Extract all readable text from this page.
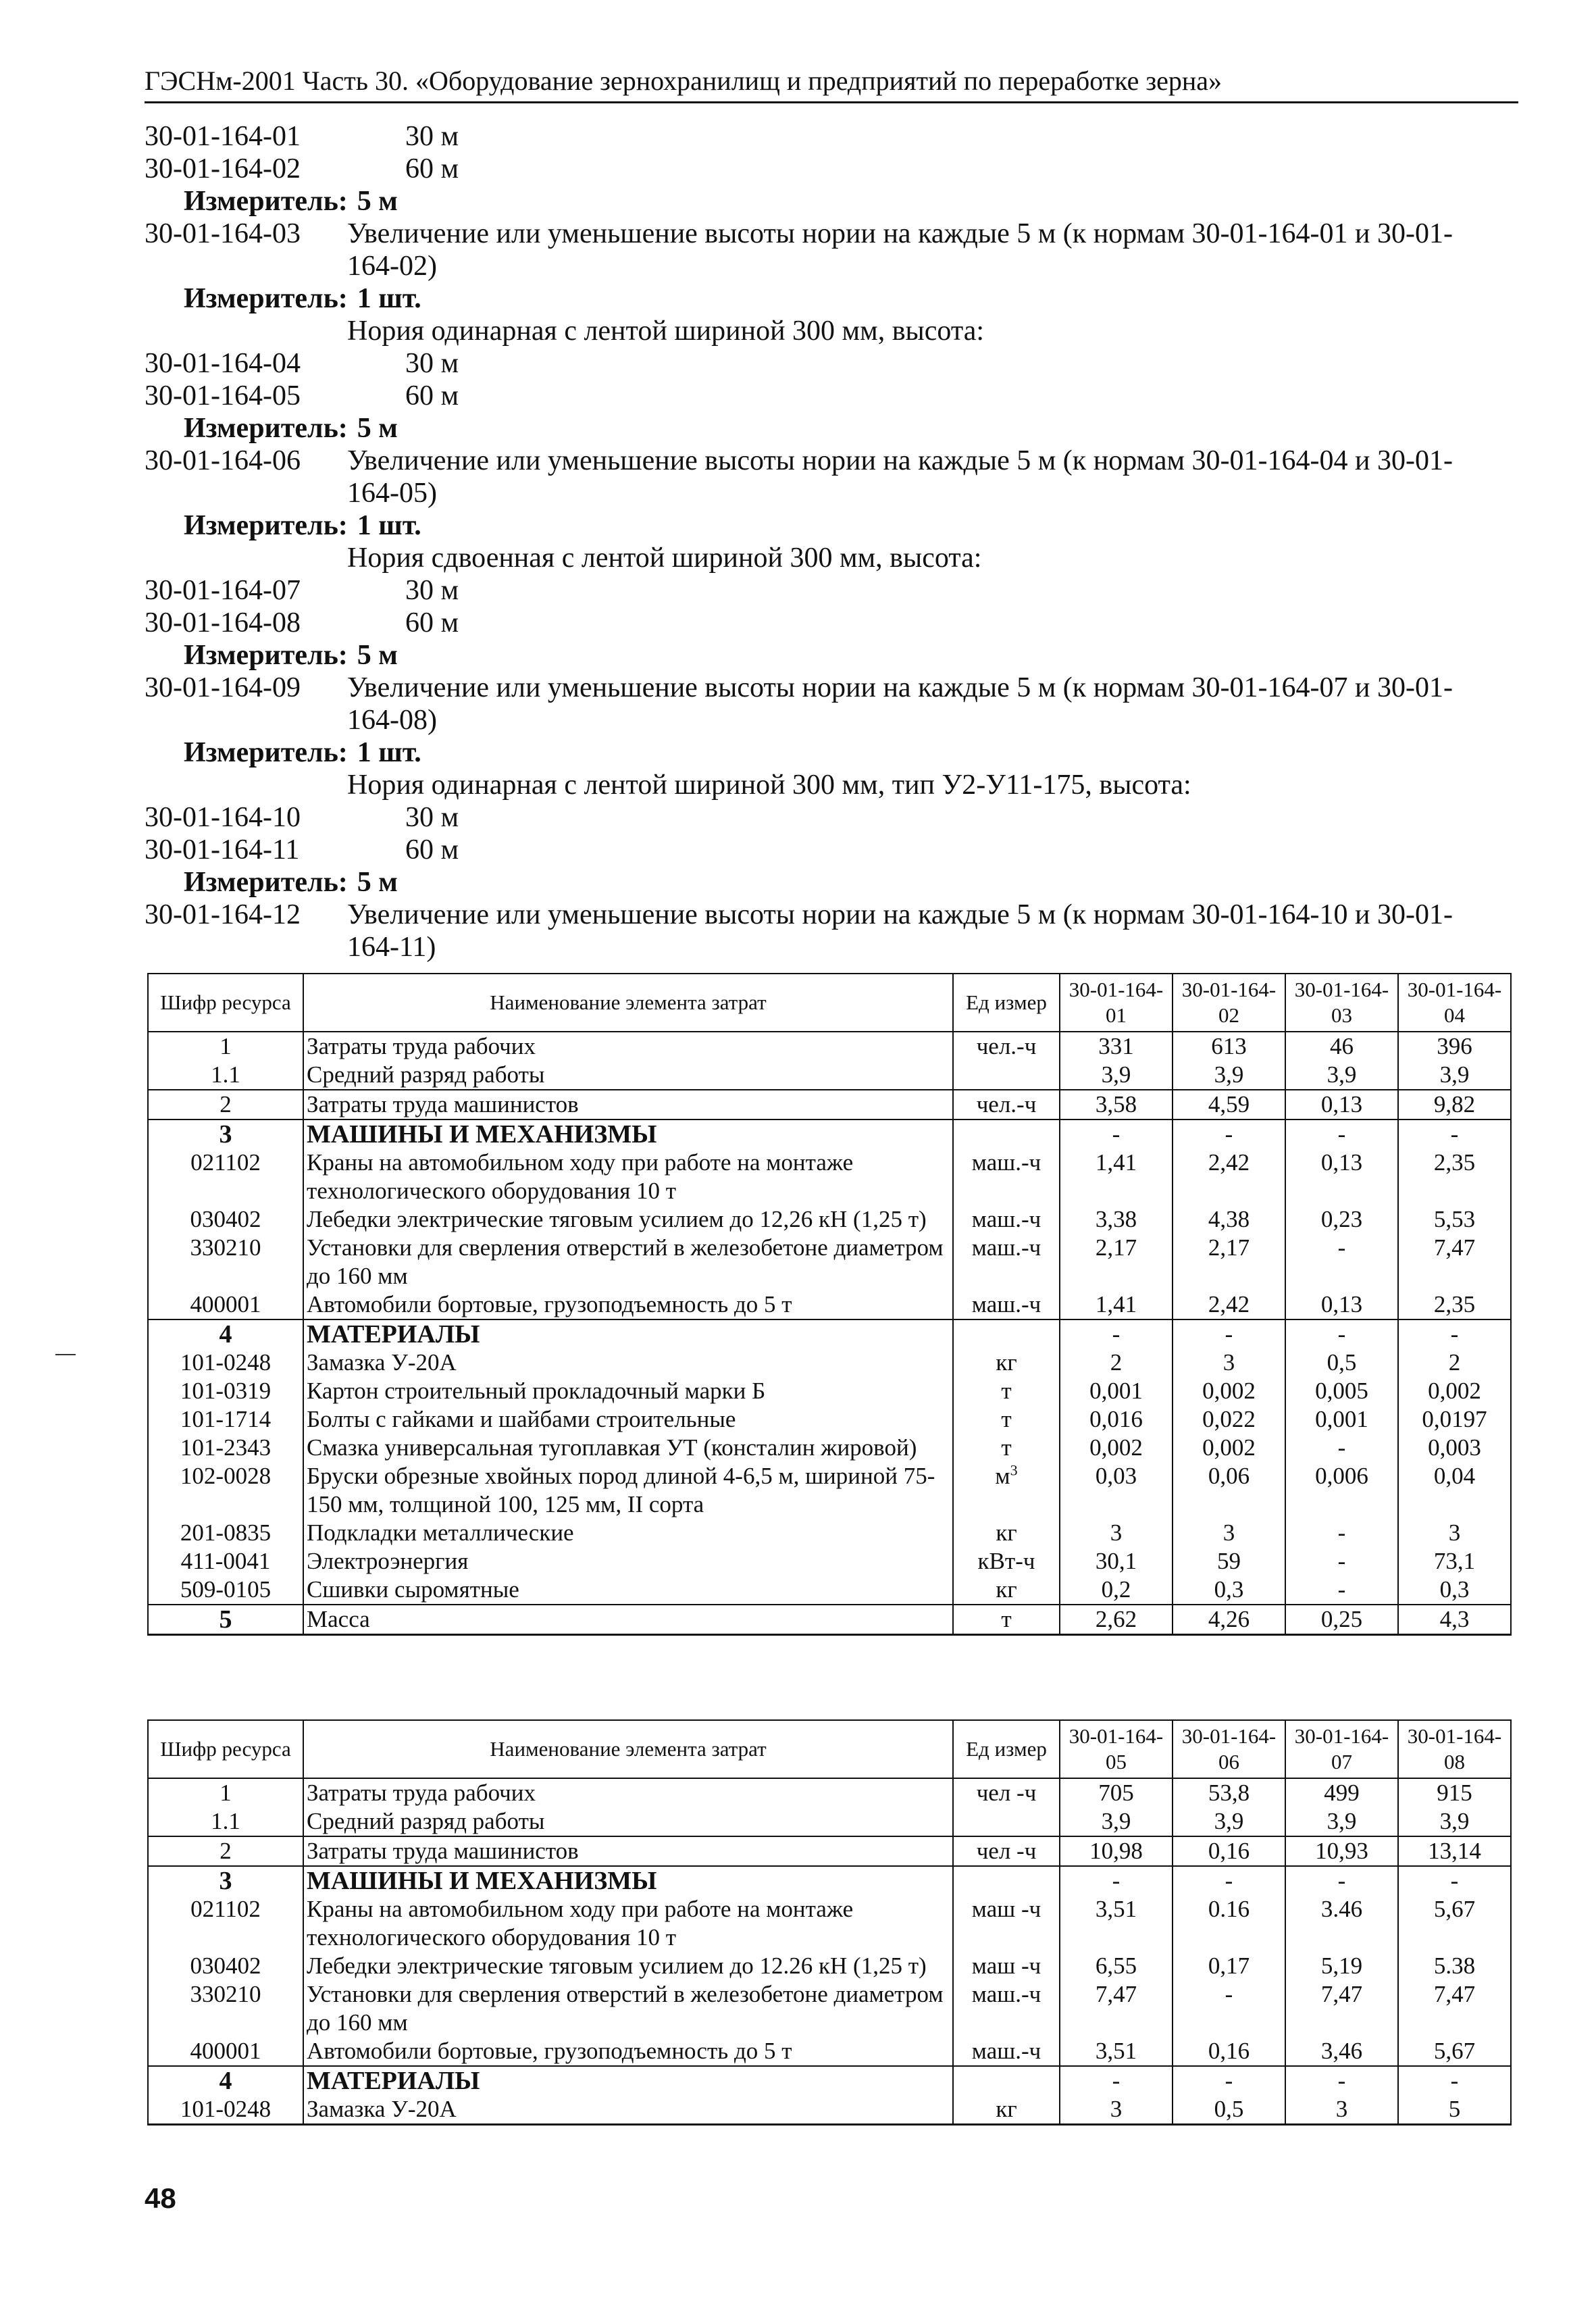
ГЭСНм-2001 Часть 30. «Оборудование зернохранилищ и предприятий по переработке зерна»
30-01-164-01	30 м
30-01-164-02	60 м
Измеритель: 5 м
30-01-164-03	Увеличение или уменьшение высоты нории на каждые 5 м (к нормам 30-01-164-01 и 30-01-
164-02)
Измеритель: 1 шт.
Нория одинарная с лентой шириной 300 мм, высота:
30-01-164-04	30 м
30-01-164-05	60 м
Измеритель: 5 м
30-01-164-06	Увеличение или уменьшение высоты нории на каждые 5 м (к нормам 30-01-164-04 и 30-01-
164-05)
Измеритель: 1 шт.
Нория сдвоенная с лентой шириной 300 мм, высота:
30-01-164-07	30 м
30-01-164-08	60 м
Измеритель: 5 м
30-01-164-09	Увеличение или уменьшение высоты нории на каждые 5 м (к нормам 30-01-164-07 и 30-01-
164-08)
Измеритель: 1 шт.
Нория одинарная с лентой шириной 300 мм, тип У2-У11-175, высота:
30-01-164-10	30 м
30-01-164-11	60 м
Измеритель: 5 м
30-01-164-12	Увеличение или уменьшение высоты нории на каждые 5 м (к нормам 30-01-164-10 и 30-01-
164-11)
Шифр ресурса	Наименование элемента затрат	Ед измер	30-01-164-01	30-01-164-02	30-01-164-03	30-01-164-04
1	Затраты труда рабочих	чел.-ч	331	613	46	396
1.1	Средний разряд работы		3,9	3,9	3,9	3,9
2	Затраты труда машинистов	чел.-ч	3,58	4,59	0,13	9,82
3	МАШИНЫ И МЕХАНИЗМЫ		-	-	-	-
021102	Краны на автомобильном ходу при работе на монтаже технологического оборудования 10 т	маш.-ч	1,41	2,42	0,13	2,35
030402	Лебедки электрические тяговым усилием до 12,26 кН (1,25 т)	маш.-ч	3,38	4,38	0,23	5,53
330210	Установки для сверления отверстий в железобетоне диаметром до 160 мм	маш.-ч	2,17	2,17	-	7,47
400001	Автомобили бортовые, грузоподъемность до 5 т	маш.-ч	1,41	2,42	0,13	2,35
4	МАТЕРИАЛЫ		-	-	-	-
101-0248	Замазка У-20А	кг	2	3	0,5	2
101-0319	Картон строительный прокладочный марки Б	т	0,001	0,002	0,005	0,002
101-1714	Болты с гайками и шайбами строительные	т	0,016	0,022	0,001	0,0197
101-2343	Смазка универсальная тугоплавкая УТ (консталин жировой)	т	0,002	0,002	-	0,003
102-0028	Бруски обрезные хвойных пород длиной 4-6,5 м, шириной 75-150 мм, толщиной 100, 125 мм, II сорта	$м^3$	0,03	0,06	0,006	0,04
201-0835	Подкладки металлические	кг	3	3	-	3
411-0041	Электроэнергия	кВт-ч	30,1	59	-	73,1
509-0105	Сшивки сыромятные	кг	0,2	0,3	-	0,3
5	Масса	т	2,62	4,26	0,25	4,3
Шифр ресурса	Наименование элемента затрат	Ед измер	30-01-164-05	30-01-164-06	30-01-164-07	30-01-164-08
1	Затраты труда рабочих	чел -ч	705	53,8	499	915
1.1	Средний разряд работы		3,9	3,9	3,9	3,9
2	Затраты труда машинистов	чел -ч	10,98	0,16	10,93	13,14
3	МАШИНЫ И МЕХАНИЗМЫ		-	-	-	-
021102	Краны на автомобильном ходу при работе на монтаже технологического оборудования 10 т	маш -ч	3,51	0.16	3.46	5,67
030402	Лебедки электрические тяговым усилием до 12.26 кН (1,25 т)	маш -ч	6,55	0,17	5,19	5.38
330210	Установки для сверления отверстий в железобетоне диаметром до 160 мм	маш.-ч	7,47	-	7,47	7,47
400001	Автомобили бортовые, грузоподъемность до 5 т	маш.-ч	3,51	0,16	3,46	5,67
4	МАТЕРИАЛЫ		-	-	-	-
101-0248	Замазка У-20А	кг	3	0,5	3	5
48
